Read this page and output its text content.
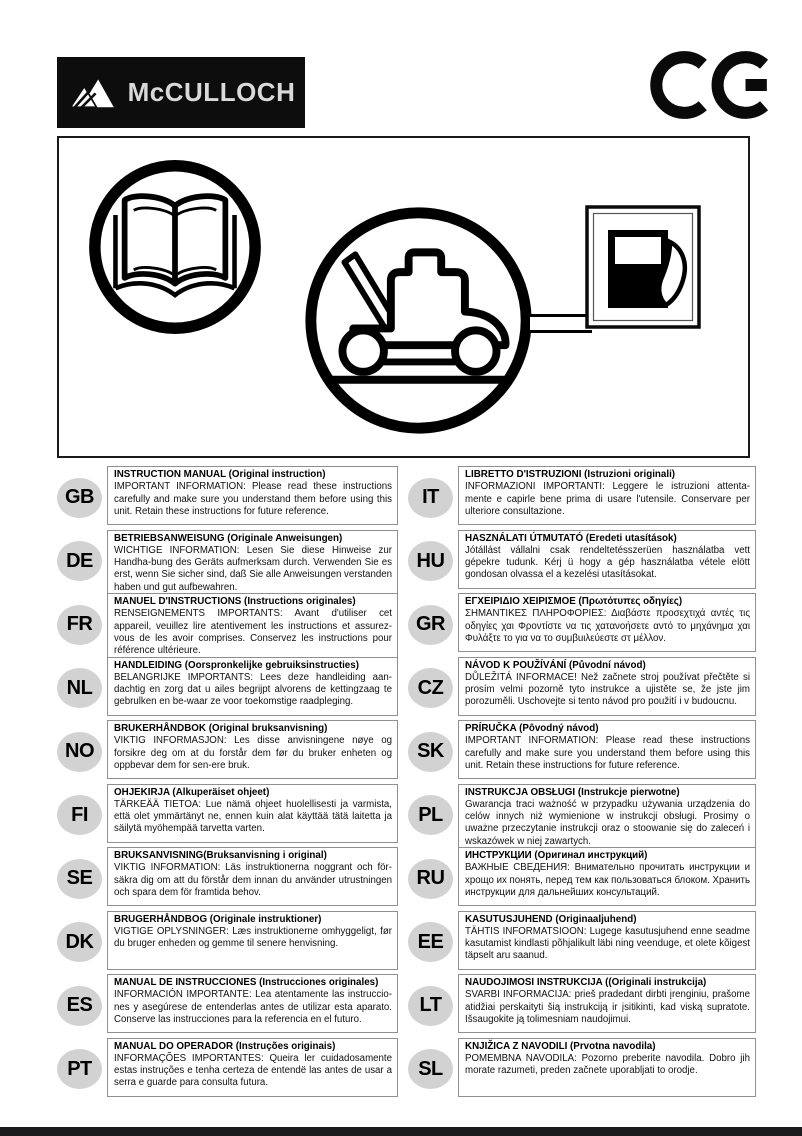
McCULLOCH
GB
INSTRUCTION MANUAL (Original instruction)
IMPORTANT INFORMATION: Please read these instructions carefully and make sure you understand them before using this unit. Retain these instructions for future reference.
DE
BETRIEBSANWEISUNG (Originale Anweisungen)
WICHTIGE INFORMATION: Lesen Sie diese Hinweise zur Handha-bung des Geräts aufmerksam durch. Verwenden Sie es erst, wenn Sie sicher sind, daß Sie alle Anweisungen verstanden haben und gut aufbewahren.
FR
MANUEL D'INSTRUCTIONS (Instructions originales)
RENSEIGNEMENTS IMPORTANTS: Avant d'utiliser cet appareil, veuillez lire atentivement les instructions et assurez-vous de les avoir comprises. Conservez les instructions pour référence ultérieure.
NL
HANDLEIDING (Oorspronkelijke gebruiksinstructies)
BELANGRIJKE IMPORTANTS: Lees deze handleiding aan-dachtig en zorg dat u ailes begrijpt alvorens de kettingzaag te gebrulken en be-waar ze voor toekomstige raadpleging.
NO
BRUKERHÅNDBOK (Original bruksanvisning)
VIKTIG INFORMASJON: Les disse anvisningene nøye og forsikre deg om at du forstår dem før du bruker enheten og oppbevar dem for sen-ere bruk.
FI
OHJEKIRJA (Alkuperäiset ohjeet)
TÄRKEÄÄ TIETOA: Lue nämä ohjeet huolellisesti ja varmista, että olet ymmärtänyt ne, ennen kuin alat käyttää tätä laitetta ja säilytä myöhempää tarvetta varten.
SE
BRUKSANVISNING(Bruksanvisning i original)
VIKTIG INFORMATION: Läs instruktionerna noggrant och för-säkra dig om att du förstår dem innan du använder utrustningen och spara dem för framtida behov.
DK
BRUGERHÅNDBOG (Originale instruktioner)
VIGTIGE OPLYSNINGER: Læs instruktionerne omhyggeligt, før du bruger enheden og gemme til senere henvisning.
ES
MANUAL DE INSTRUCCIONES (Instrucciones originales)
INFORMACIÓN IMPORTANTE: Lea atentamente las instruccio-nes y asegúrese de entenderlas antes de utilizar esta aparato. Conserve las instrucciones para la referencia en el futuro.
PT
MANUAL DO OPERADOR (Instruções originais)
INFORMAÇÕES IMPORTANTES: Queira ler cuidadosamente estas instruções e tenha certeza de entendë las antes de usar a serra e guarde para consulta futura.
IT
LIBRETTO D'ISTRUZIONI (Istruzioni originali)
INFORMAZIONI IMPORTANTI: Leggere le istruzioni attenta-mente e capirle bene prima di usare l'utensile. Conservare per ulteriore consultazione.
HU
HASZNÁLATI ÚTMUTATÓ (Eredeti utasítások)
Jótállást vállalni csak rendeltetésszerüen használatba vett gépekre tudunk. Kérj ü hogy a gép használatba vétele elött gondosan olvassa el a kezelési utasításokat.
GR
ΕΓΧΕΙΡΙΔΙΟ ΧΕΙΡΙΣΜΟΕ (Πρωτότυπες οδηγίες)
ΣΗΜΑΝΤΙΚΕΣ ΠΛΗΡΟΦΟΡΙΕΣ: Διαβάστε προσεχτιχά αντές τις οδηγίες χαι Φροντίστε να τις χατανοήσετε αντό το μηχάνημα χαι Φυλάξτε το για να το συμβuιλεύεστε στ μέλλον.
CZ
NÁVOD K POUŽÍVÁNÍ (Původní návod)
DŮLEŽITÁ INFORMACE! Než začnete stroj používat přečtěte si prosím velmi pozorně tyto instrukce a ujistěte se, že jste jim porozuměli. Uschovejte si tento návod pro použití i v budoucnu.
SK
PRÍRUČKA (Pôvodný návod)
IMPORTANT INFORMATION: Please read these instructions carefully and make sure you understand them before using this unit. Retain these instructions for future reference.
PL
INSTRUKCJA OBSŁUGI (Instrukcje pierwotne)
Gwarancja traci ważność w przypadku używania urządzenia do celów innych niż wymienione w instrukcji obsługi. Prosimy o uważne przeczytanie instrukcji oraz o stoowanie się do zaleceń i wskazówek w niej zawartych.
RU
ИНСТРУКЦИИ (Оригинал инструкций)
ВАЖНЫЕ СВЕДЕНИЯ: Внимательно прочитать инструкции и хрощо их понять, перед тем как пользоваться блоком. Хранить инструкции для дальнейших консультаций.
EE
KASUTUSJUHEND (Originaaljuhend)
TÄHTIS INFORMATSIOON: Lugege kasutusjuhend enne seadme kasutamist kindlasti põhjalikult läbi ning veenduge, et olete kõigest täpselt aru saanud.
LT
NAUDOJIMOSI INSTRUKCIJA ((Originali instrukcija)
SVARBI INFORMACIJA: prieš pradedant dirbti įrenginiu, prašome atidžiai perskaityti šią instrukciją ir įsitikinti, kad viską supratote. Išsaugokite ją tolimesniam naudojimui.
SL
KNJIŽICA Z NAVODILI (Prvotna navodila)
POMEMBNA NAVODILA: Pozorno preberite navodila. Dobro jih morate razumeti, preden začnete uporabljati to orodje.
